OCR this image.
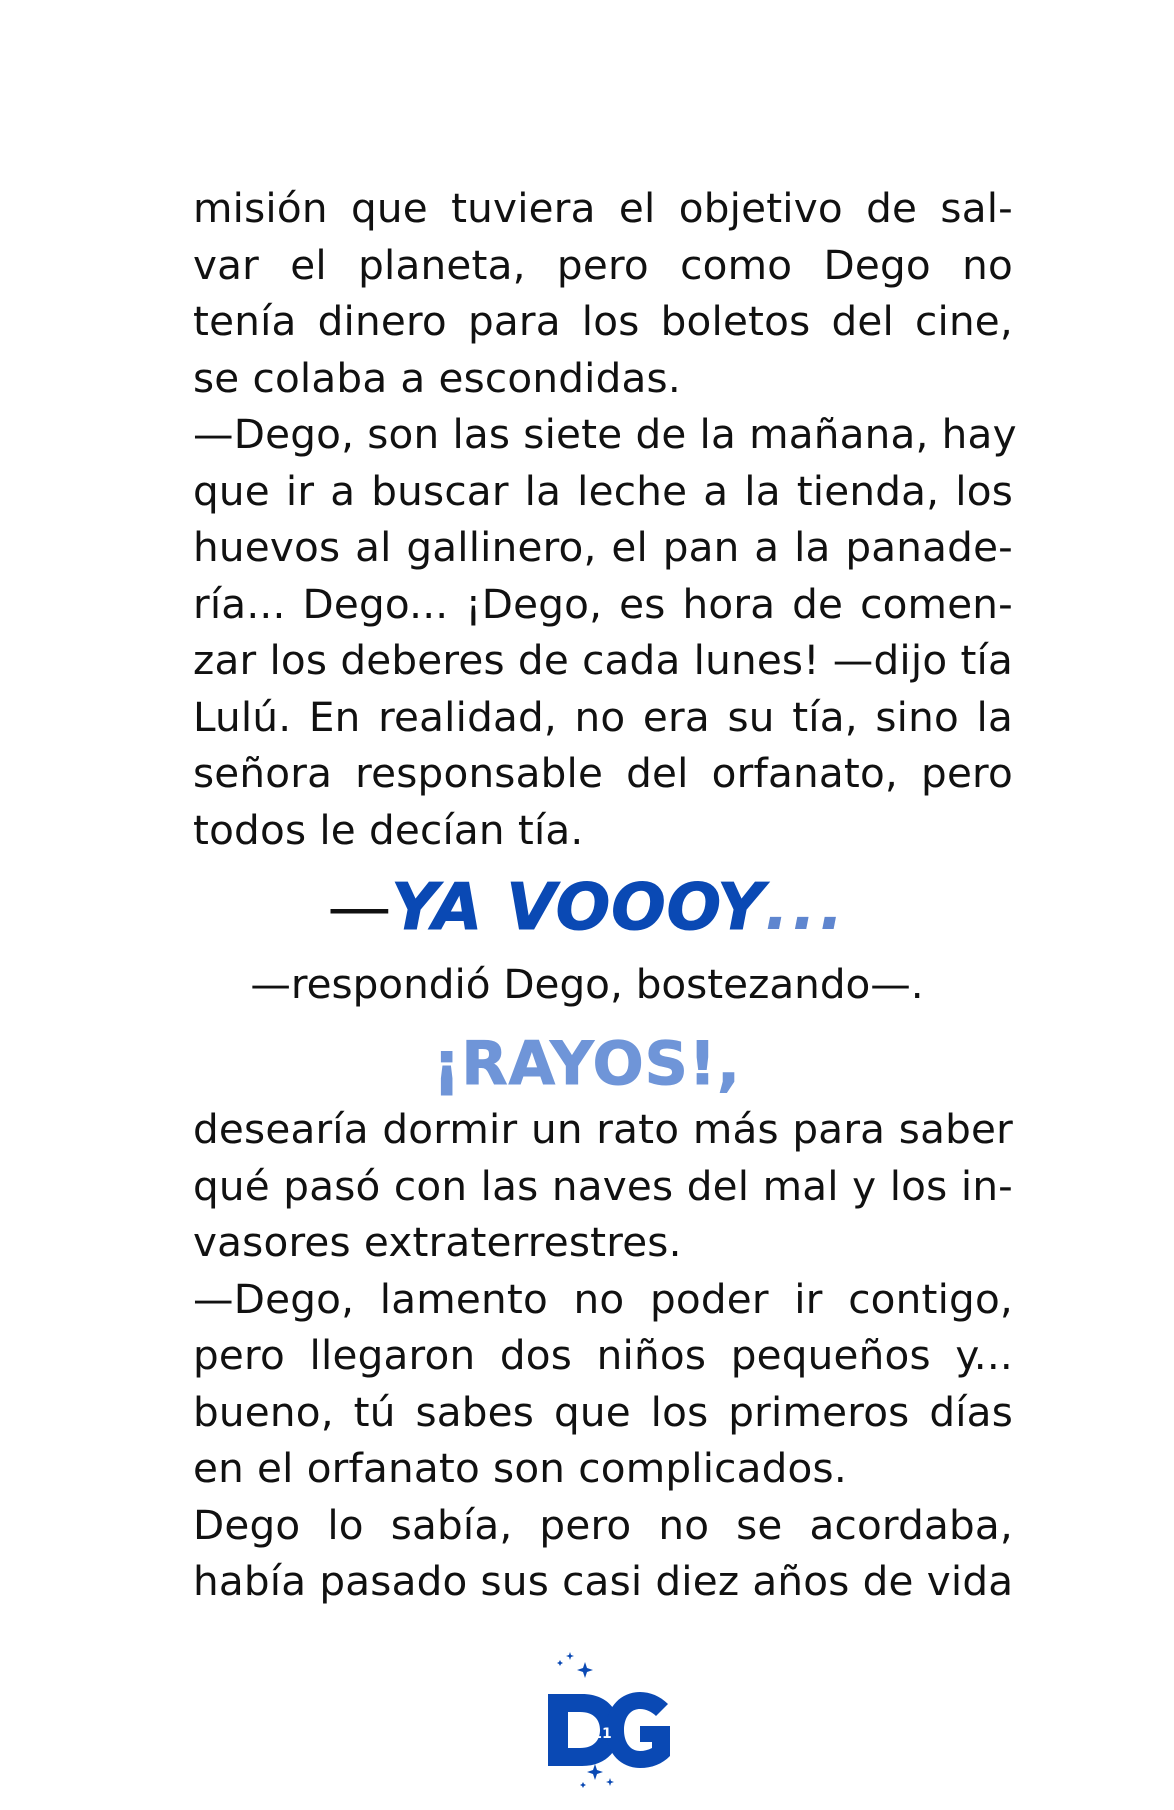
misión que tuviera el objetivo de sal-
var el planeta, pero como Dego no
tenía dinero para los boletos del cine,
se colaba a escondidas.
—Dego, son las siete de la mañana, hay
que ir a buscar la leche a la tienda, los
huevos al gallinero, el pan a la panade-
ría... Dego... ¡Dego, es hora de comen-
zar los deberes de cada lunes! —dijo tía
Lulú. En realidad, no era su tía, sino la
señora responsable del orfanato, pero
todos le decían tía.
—YA VOOOY...
—respondió Dego, bostezando—.
¡RAYOS!,
desearía dormir un rato más para saber
qué pasó con las naves del mal y los in-
vasores extraterrestres.
—Dego, lamento no poder ir contigo,
pero llegaron dos niños pequeños y...
bueno, tú sabes que los primeros días
en el orfanato son complicados.
Dego lo sabía, pero no se acordaba,
había pasado sus casi diez años de vida
11
